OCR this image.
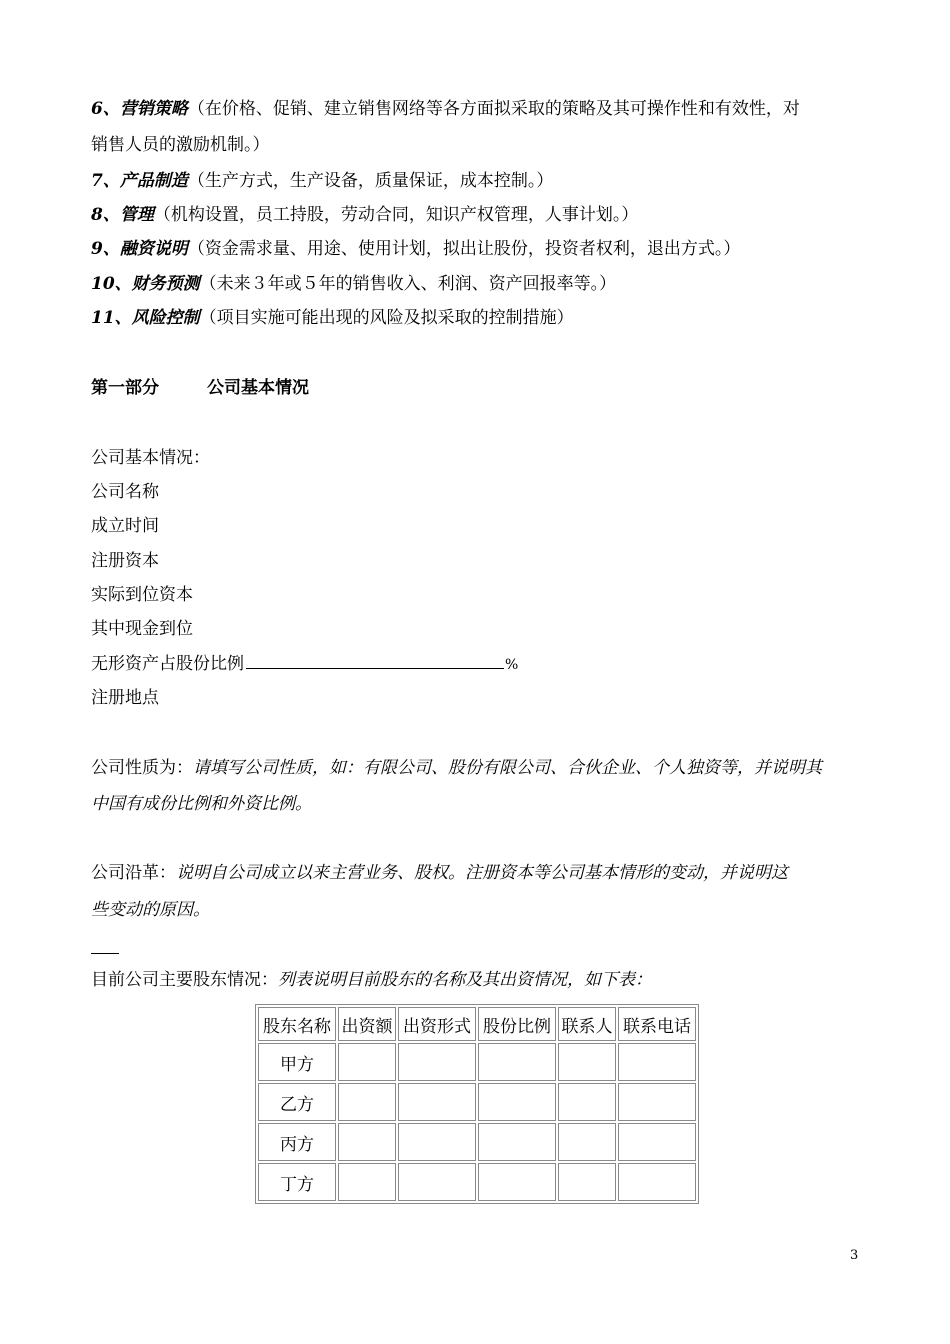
6、营销策略（在价格、促销、建立销售网络等各方面拟采取的策略及其可操作性和有效性，对
销售人员的激励机制。）
7、产品制造（生产方式，生产设备，质量保证，成本控制。）
8、管理（机构设置，员工持股，劳动合同，知识产权管理，人事计划。）
9、融资说明（资金需求量、用途、使用计划，拟出让股份，投资者权利，退出方式。）
10、财务预测（未来３年或５年的销售收入、利润、资产回报率等。）
11、风险控制（项目实施可能出现的风险及拟采取的控制措施）
第一部分	公司基本情况
公司基本情况：
公司名称
成立时间
注册资本
实际到位资本
其中现金到位
无形资产占股份比例	%
注册地点
公司性质为：请填写公司性质，如：有限公司、股份有限公司、合伙企业、个人独资等，并说明其
中国有成份比例和外资比例。
公司沿革：说明自公司成立以来主营业务、股权。注册资本等公司基本情形的变动，并说明这
些变动的原因。
目前公司主要股东情况：列表说明目前股东的名称及其出资情况，如下表：
股东名称	出资额	出资形式	股份比例	联系人	联系电话
甲方					
乙方					
丙方					
丁方					
3
